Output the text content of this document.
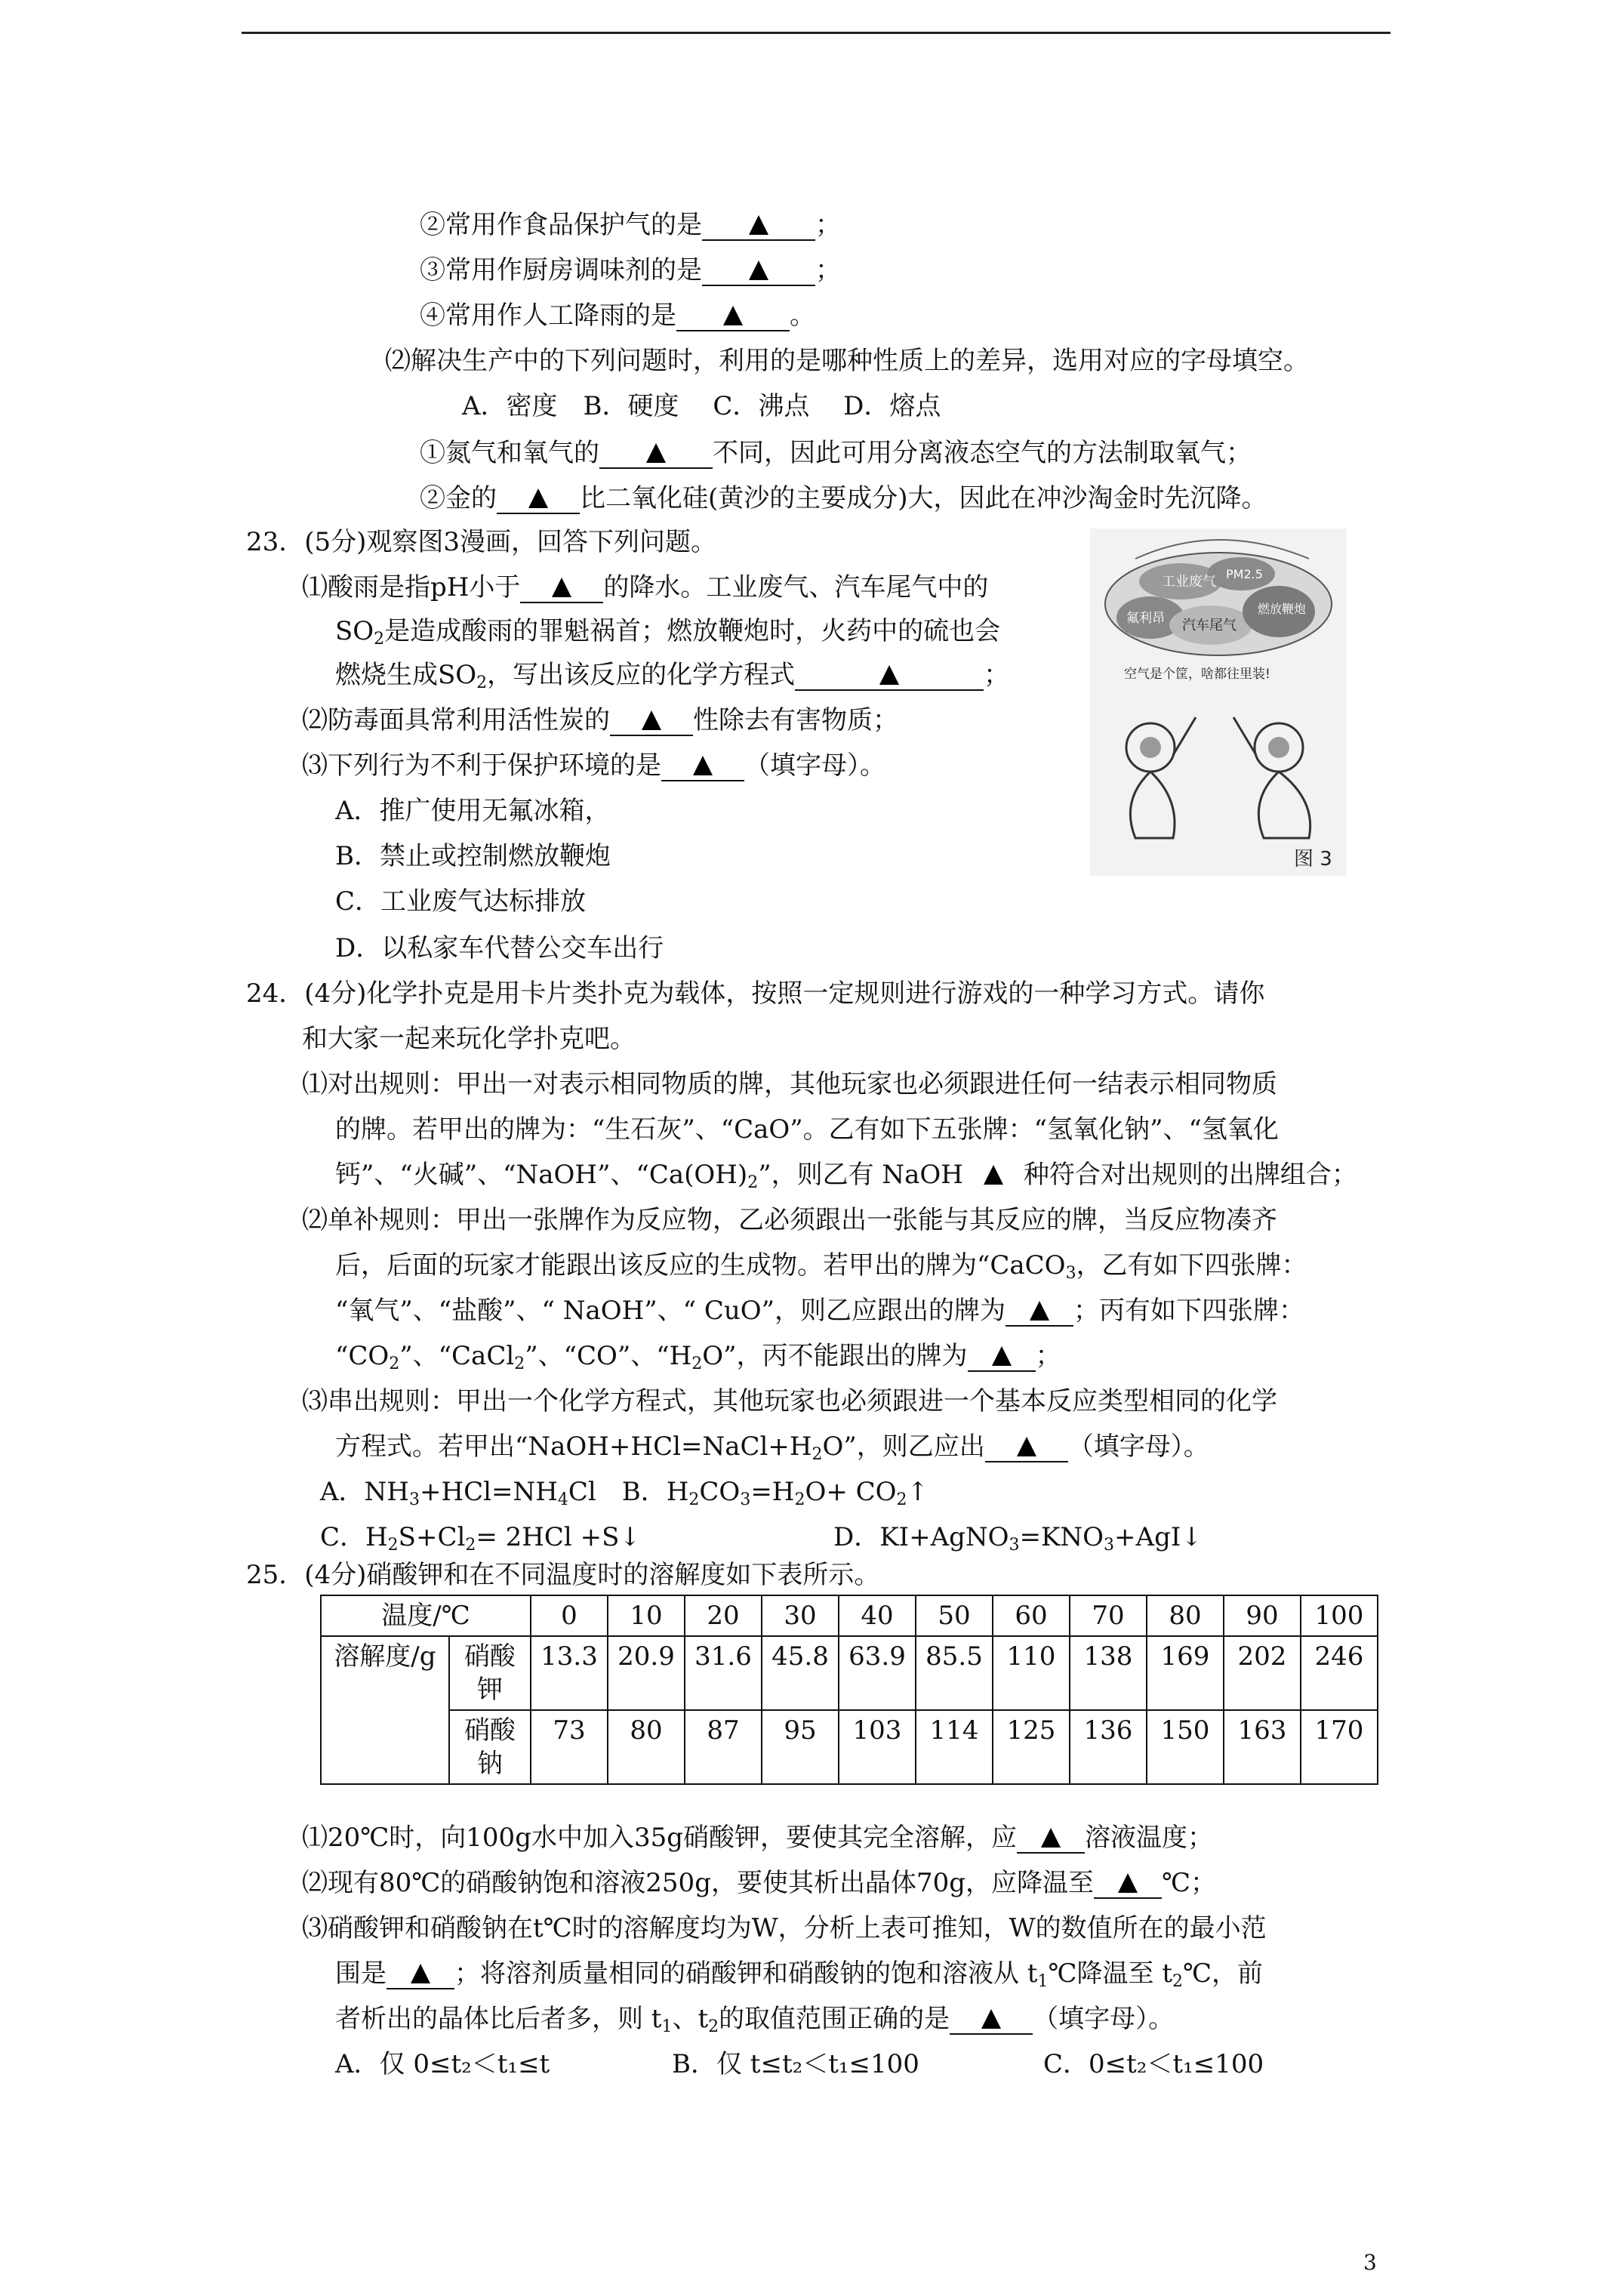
②常用作食品保护气的是	；
③常用作厨房调味剂的是	；
④常用作人工降雨的是	。
⑵解决生产中的下列问题时，利用的是哪种性质上的差异，选用对应的字母填空。
A．密度　B．硬度　 C．沸点　 D．熔点
①氮气和氧气的	不同，因此可用分离液态空气的方法制取氧气；
②金的	比二氧化硅(黄沙的主要成分)大，因此在冲沙淘金时先沉降。
23．(5分)观察图3漫画，回答下列问题。
⑴酸雨是指pH小于	的降水。工业废气、汽车尾气中的
$SO_2$是造成酸雨的罪魁祸首；燃放鞭炮时，火药中的硫也会
燃烧生成$SO_2$，写出该反应的化学方程式	；
⑵防毒面具常利用活性炭的	性除去有害物质；
⑶下列行为不利于保护环境的是	（填字母）。
A．推广使用无氟冰箱，
B．禁止或控制燃放鞭炮
C．工业废气达标排放
D．以私家车代替公交车出行
工业废气 PM2.5
氟利昂 汽车尾气
燃放鞭炮
空气是个筐，啥都往里装!
图 3
24．(4分)化学扑克是用卡片类扑克为载体，按照一定规则进行游戏的一种学习方式。请你
和大家一起来玩化学扑克吧。
⑴对出规则：甲出一对表示相同物质的牌，其他玩家也必须跟进任何一结表示相同物质
的牌。若甲出的牌为：“生石灰”、“CaO”。乙有如下五张牌：“氢氧化钠”、“氢氧化
钙”、“火碱”、“NaOH”、“$Ca(OH)_2$”，则乙有 NaOH 种符合对出规则的出牌组合；
⑵单补规则：甲出一张牌作为反应物，乙必须跟出一张能与其反应的牌，当反应物凑齐
后，后面的玩家才能跟出该反应的生成物。若甲出的牌为“CaCO$_3$，乙有如下四张牌：
“氧气”、“盐酸”、“ NaOH”、“ CuO”，则乙应跟出的牌为	；丙有如下四张牌：
“$CO_2$”、“CaCl$_2$”、“CO”、“$H_2O$”，丙不能跟出的牌为	；
⑶串出规则：甲出一个化学方程式，其他玩家也必须跟进一个基本反应类型相同的化学
方程式。若甲出“$NaOH+HCl=NaCl+H_2O$”，则乙应出	（填字母）。
A．$NH_3+HCl=NH_4Cl$　B．$H_2CO_3=H_2O+$ $CO_2↑$
C．$H_2S+Cl_2= 2HCl$ +S↓	D．$KI+AgNO_3=KNO_3+AgI↓$
25．(4分)硝酸钾和在不同温度时的溶解度如下表所示。
温度/℃		0	10	20	30	40	50	60	70	80	90	100
溶解度/g	硝酸钾	13.3	20.9	31.6	45.8	63.9	85.5	110	138	169	202	246
	硝酸钠	73	80	87	95	103	114	125	136	150	163	170
⑴20℃时，向100g水中加入35g硝酸钾，要使其完全溶解，应	溶液温度；
⑵现有80℃的硝酸钠饱和溶液250g，要使其析出晶体70g，应降温至	℃；
⑶硝酸钾和硝酸钠在t℃时的溶解度均为W，分析上表可推知，W的数值所在的最小范
围是	；将溶剂质量相同的硝酸钾和硝酸钠的饱和溶液从 $t_1℃$降温至 $t_2℃$，前
者析出的晶体比后者多，则 $t_1$、$t_2$的取值范围正确的是	（填字母）。
A．仅 0≤t₂＜t₁≤t	B．仅 t≤t₂＜t₁≤100	C．0≤t₂＜t₁≤100
3
